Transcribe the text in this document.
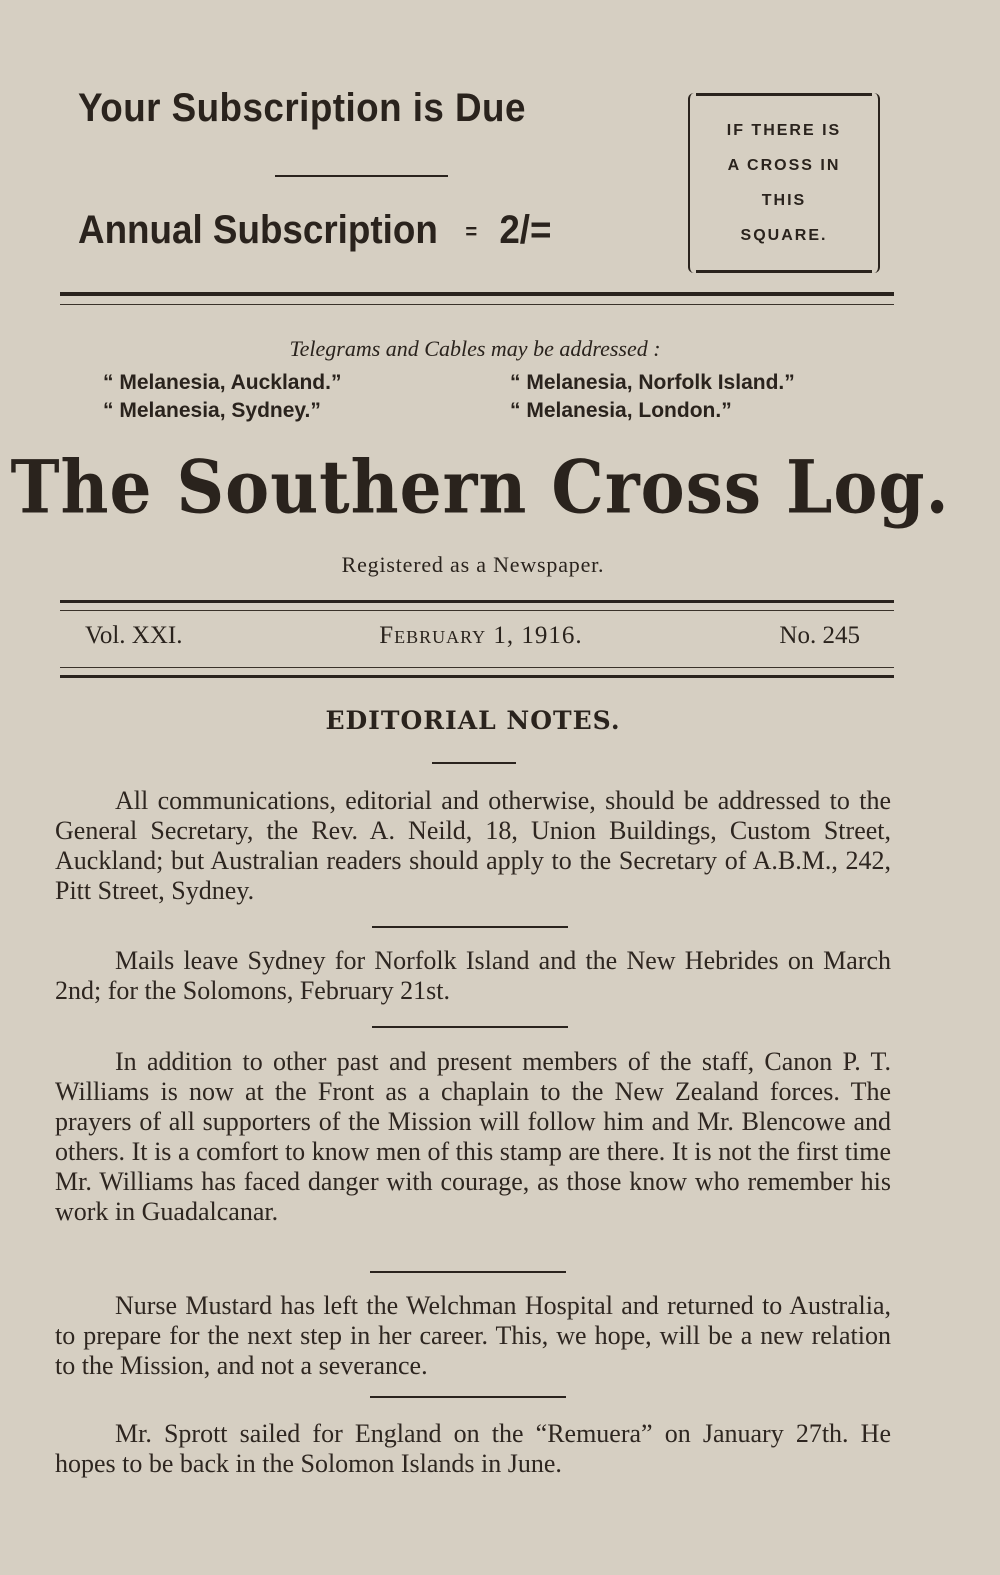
Your Subscription is Due
Annual Subscription = 2/=
IF THERE IS
A CROSS IN
THIS
SQUARE.
Telegrams and Cables may be addressed :
“ Melanesia, Auckland.”	“ Melanesia, Norfolk Island.”
“ Melanesia, Sydney.”	“ Melanesia, London.”
The Southern Cross Log.
Registered as a Newspaper.
Vol. XXI.	February 1, 1916.	No. 245
EDITORIAL NOTES.
All communications, editorial and otherwise, should be addressed to the General Secretary, the Rev. A. Neild, 18, Union Buildings, Custom Street, Auckland; but Australian readers should apply to the Secretary of A.B.M., 242, Pitt Street, Sydney.
Mails leave Sydney for Norfolk Island and the New Hebrides on March 2nd; for the Solomons, February 21st.
In addition to other past and present members of the staff, Canon P. T. Williams is now at the Front as a chaplain to the New Zealand forces. The prayers of all supporters of the Mission will follow him and Mr. Blencowe and others. It is a comfort to know men of this stamp are there. It is not the first time Mr. Williams has faced danger with courage, as those know who remember his work in Guadalcanar.
Nurse Mustard has left the Welchman Hospital and returned to Australia, to prepare for the next step in her career. This, we hope, will be a new relation to the Mission, and not a severance.
Mr. Sprott sailed for England on the “Remuera” on January 27th. He hopes to be back in the Solomon Islands in June.
